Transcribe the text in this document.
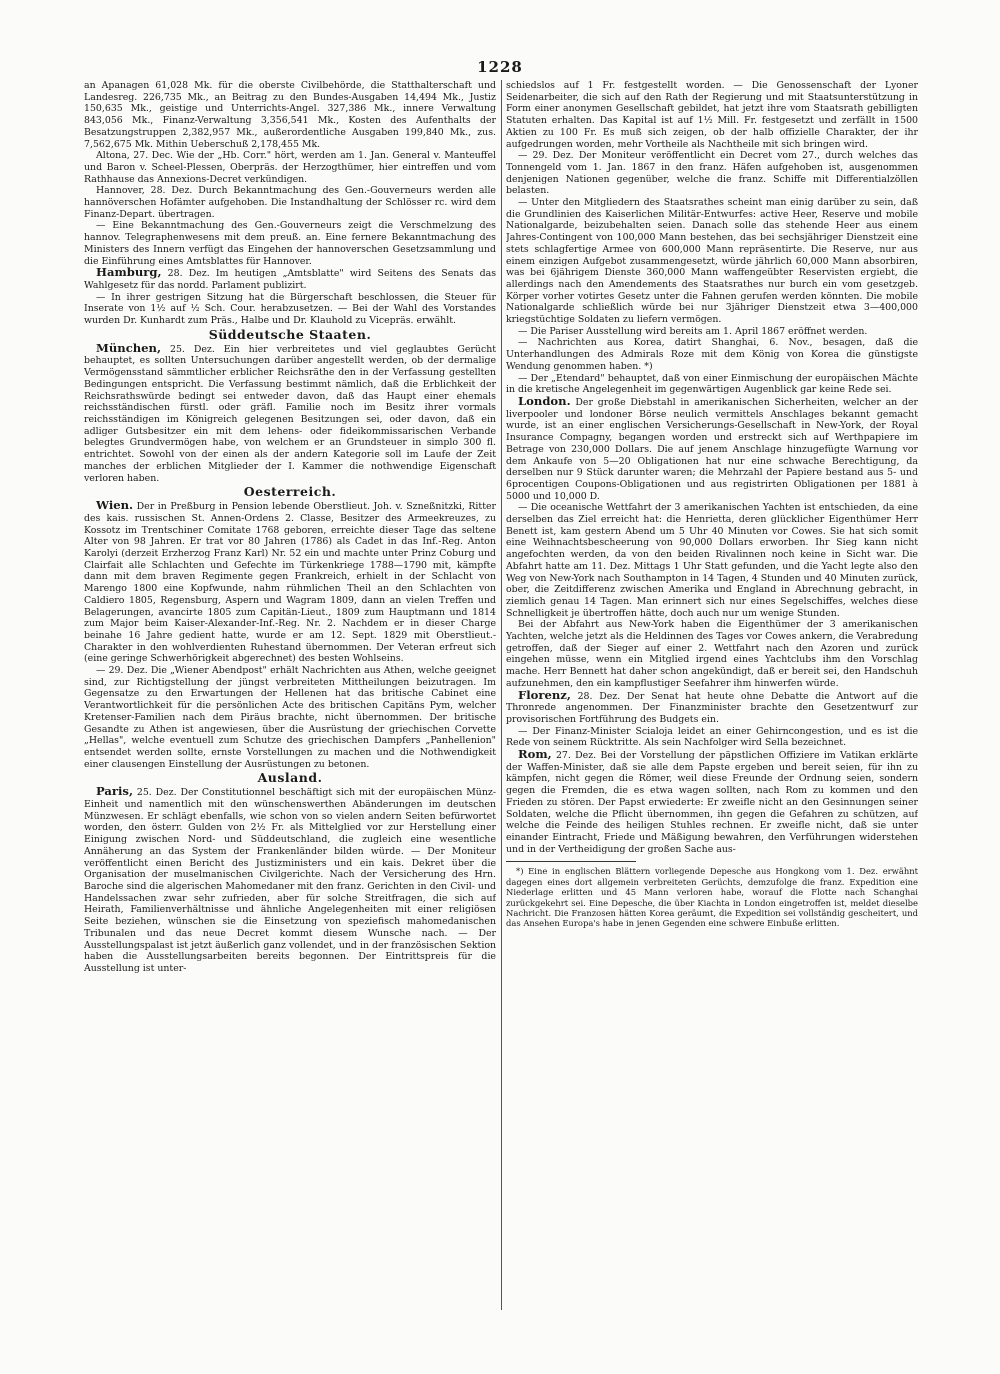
1228

an Apanagen 61,028 Mk. für die oberste Civilbehörde, die Statthalterschaft und Landesreg. 226,735 Mk., an Beitrag zu den Bundes-Ausgaben 14,494 Mk., Justiz 150,635 Mk., geistige und Unterrichts-Angel. 327,386 Mk., innere Verwaltung 843,056 Mk., Finanz-Verwaltung 3,356,541 Mk., Kosten des Aufenthalts der Besatzungstruppen 2,382,957 Mk., außerordentliche Ausgaben 199,840 Mk., zus. 7,562,675 Mk. Mithin Ueberschuß 2,178,455 Mk.

Altona, 27. Dec. Wie der „Hb. Corr." hört, werden am 1. Jan. General v. Manteuffel und Baron v. Scheel-Plessen, Oberpräs. der Herzogthümer, hier eintreffen und vom Rathhause das Annexions-Decret verkündigen.

Hannover, 28. Dez. Durch Bekanntmachung des Gen.-Gouverneurs werden alle hannöverschen Hofämter aufgehoben. Die Instandhaltung der Schlösser rc. wird dem Finanz-Depart. übertragen.

— Eine Bekanntmachung des Gen.-Gouverneurs zeigt die Verschmelzung des hannov. Telegraphenwesens mit dem preuß. an. Eine fernere Bekanntmachung des Ministers des Innern verfügt das Eingehen der hannoverschen Gesetzsammlung und die Einführung eines Amtsblattes für Hannover.

Hamburg, 28. Dez. Im heutigen „Amtsblatte" wird Seitens des Senats das Wahlgesetz für das nordd. Parlament publizirt.

— In ihrer gestrigen Sitzung hat die Bürgerschaft beschlossen, die Steuer für Inserate von 1½ auf ½ Sch. Cour. herabzusetzen. — Bei der Wahl des Vorstandes wurden Dr. Kunhardt zum Präs., Halbe und Dr. Klauhold zu Vicepräs. erwählt.

Süddeutsche Staaten.

München, 25. Dez. Ein hier verbreitetes und viel geglaubtes Gerücht behauptet, es sollten Untersuchungen darüber angestellt werden, ob der dermalige Vermögensstand sämmtlicher erblicher Reichsräthe den in der Verfassung gestellten Bedingungen entspricht. Die Verfassung bestimmt nämlich, daß die Erblichkeit der Reichsrathswürde bedingt sei entweder davon, daß das Haupt einer ehemals reichsständischen fürstl. oder gräfl. Familie noch im Besitz ihrer vormals reichsständigen im Königreich gelegenen Besitzungen sei, oder davon, daß ein adliger Gutsbesitzer ein mit dem lehens- oder fideikommissarischen Verbande belegtes Grundvermögen habe, von welchem er an Grundsteuer in simplo 300 fl. entrichtet. Sowohl von der einen als der andern Kategorie soll im Laufe der Zeit manches der erblichen Mitglieder der I. Kammer die nothwendige Eigenschaft verloren haben.

Oesterreich.

Wien. Der in Preßburg in Pension lebende Oberstlieut. Joh. v. Szneßnitzki, Ritter des kais. russischen St. Annen-Ordens 2. Classe, Besitzer des Armeekreuzes, zu Kossotz im Trentschiner Comitate 1768 geboren, erreichte dieser Tage das seltene Alter von 98 Jahren. Er trat vor 80 Jahren (1786) als Cadet in das Inf.-Reg. Anton Karolyi (derzeit Erzherzog Franz Karl) Nr. 52 ein und machte unter Prinz Coburg und Clairfait alle Schlachten und Gefechte im Türkenkriege 1788—1790 mit, kämpfte dann mit dem braven Regimente gegen Frankreich, erhielt in der Schlacht von Marengo 1800 eine Kopfwunde, nahm rühmlichen Theil an den Schlachten von Caldiero 1805, Regensburg, Aspern und Wagram 1809, dann an vielen Treffen und Belagerungen, avancirte 1805 zum Capitän-Lieut., 1809 zum Hauptmann und 1814 zum Major beim Kaiser-Alexander-Inf.-Reg. Nr. 2. Nachdem er in dieser Charge beinahe 16 Jahre gedient hatte, wurde er am 12. Sept. 1829 mit Oberstlieut.-Charakter in den wohlverdienten Ruhestand übernommen. Der Veteran erfreut sich (eine geringe Schwerhörigkeit abgerechnet) des besten Wohlseins.

— 29. Dez. Die „Wiener Abendpost" erhält Nachrichten aus Athen, welche geeignet sind, zur Richtigstellung der jüngst verbreiteten Mittheilungen beizutragen. Im Gegensatze zu den Erwartungen der Hellenen hat das britische Cabinet eine Verantwortlichkeit für die persönlichen Acte des britischen Capitäns Pym, welcher Kretenser-Familien nach dem Piräus brachte, nicht übernommen. Der britische Gesandte zu Athen ist angewiesen, über die Ausrüstung der griechischen Corvette „Hellas", welche eventuell zum Schutze des griechischen Dampfers „Panhellenion" entsendet werden sollte, ernste Vorstellungen zu machen und die Nothwendigkeit einer clausengen Einstellung der Ausrüstungen zu betonen.

Ausland.

Paris, 25. Dez. Der Constitutionnel beschäftigt sich mit der europäischen Münz-Einheit und namentlich mit den wünschenswerthen Abänderungen im deutschen Münzwesen. Er schlägt ebenfalls, wie schon von so vielen andern Seiten befürwortet worden, den österr. Gulden von 2½ Fr. als Mittelglied vor zur Herstellung einer Einigung zwischen Nord- und Süddeutschland, die zugleich eine wesentliche Annäherung an das System der Frankenländer bilden würde. — Der Moniteur veröffentlicht einen Bericht des Justizministers und ein kais. Dekret über die Organisation der muselmanischen Civilgerichte. Nach der Versicherung des Hrn. Baroche sind die algerischen Mahomedaner mit den franz. Gerichten in den Civil- und Handelssachen zwar sehr zufrieden, aber für solche Streitfragen, die sich auf Heirath, Familienverhältnisse und ähnliche Angelegenheiten mit einer religiösen Seite beziehen, wünschen sie die Einsetzung von speziefisch mahomedanischen Tribunalen und das neue Decret kommt diesem Wunsche nach. — Der Ausstellungspalast ist jetzt äußerlich ganz vollendet, und in der französischen Sektion haben die Ausstellungsarbeiten bereits begonnen. Der Eintrittspreis für die Ausstellung ist unter-

schiedslos auf 1 Fr. festgestellt worden. — Die Genossenschaft der Lyoner Seidenarbeiter, die sich auf den Rath der Regierung und mit Staatsunterstützung in Form einer anonymen Gesellschaft gebildet, hat jetzt ihre vom Staatsrath gebilligten Statuten erhalten. Das Kapital ist auf 1½ Mill. Fr. festgesetzt und zerfällt in 1500 Aktien zu 100 Fr. Es muß sich zeigen, ob der halb offizielle Charakter, der ihr aufgedrungen worden, mehr Vortheile als Nachtheile mit sich bringen wird.

— 29. Dez. Der Moniteur veröffentlicht ein Decret vom 27., durch welches das Tonnengeld vom 1. Jan. 1867 in den franz. Häfen aufgehoben ist, ausgenommen denjenigen Nationen gegenüber, welche die franz. Schiffe mit Differentialzöllen belasten.

— Unter den Mitgliedern des Staatsrathes scheint man einig darüber zu sein, daß die Grundlinien des Kaiserlichen Militär-Entwurfes: active Heer, Reserve und mobile Nationalgarde, beizubehalten seien. Danach solle das stehende Heer aus einem Jahres-Contingent von 100,000 Mann bestehen, das bei sechsjähriger Dienstzeit eine stets schlagfertige Armee von 600,000 Mann repräsentirte. Die Reserve, nur aus einem einzigen Aufgebot zusammengesetzt, würde jährlich 60,000 Mann absorbiren, was bei 6jährigem Dienste 360,000 Mann waffengeübter Reservisten ergiebt, die allerdings nach den Amendements des Staatsrathes nur burch ein vom gesetzgeb. Körper vorher votirtes Gesetz unter die Fahnen gerufen werden könnten. Die mobile Nationalgarde schließlich würde bei nur 3jähriger Dienstzeit etwa 3—400,000 kriegstüchtige Soldaten zu liefern vermögen.

— Die Pariser Ausstellung wird bereits am 1. April 1867 eröffnet werden.

— Nachrichten aus Korea, datirt Shanghai, 6. Nov., besagen, daß die Unterhandlungen des Admirals Roze mit dem König von Korea die günstigste Wendung genommen haben. *)

— Der „Etendard" behauptet, daß von einer Einmischung der europäischen Mächte in die kretische Angelegenheit im gegenwärtigen Augenblick gar keine Rede sei.

London. Der große Diebstahl in amerikanischen Sicherheiten, welcher an der liverpooler und londoner Börse neulich vermittels Anschlages bekannt gemacht wurde, ist an einer englischen Versicherungs-Gesellschaft in New-York, der Royal Insurance Compagny, begangen worden und erstreckt sich auf Werthpapiere im Betrage von 230,000 Dollars. Die auf jenem Anschlage hinzugefügte Warnung vor dem Ankaufe von 5—20 Obligationen hat nur eine schwache Berechtigung, da derselben nur 9 Stück darunter waren; die Mehrzahl der Papiere bestand aus 5- und 6procentigen Coupons-Obligationen und aus registrirten Obligationen per 1881 à 5000 und 10,000 D.

— Die oceanische Wettfahrt der 3 amerikanischen Yachten ist entschieden, da eine derselben das Ziel erreicht hat: die Henrietta, deren glücklicher Eigenthümer Herr Benett ist, kam gestern Abend um 5 Uhr 40 Minuten vor Cowes. Sie hat sich somit eine Weihnachtsbescheerung von 90,000 Dollars erworben. Ihr Sieg kann nicht angefochten werden, da von den beiden Rivalinnen noch keine in Sicht war. Die Abfahrt hatte am 11. Dez. Mittags 1 Uhr Statt gefunden, und die Yacht legte also den Weg von New-York nach Southampton in 14 Tagen, 4 Stunden und 40 Minuten zurück, ober, die Zeitdifferenz zwischen Amerika und England in Abrechnung gebracht, in ziemlich genau 14 Tagen. Man erinnert sich nur eines Segelschiffes, welches diese Schnelligkeit je übertroffen hätte, doch auch nur um wenige Stunden.

Bei der Abfahrt aus New-York haben die Eigenthümer der 3 amerikanischen Yachten, welche jetzt als die Heldinnen des Tages vor Cowes ankern, die Verabredung getroffen, daß der Sieger auf einer 2. Wettfahrt nach den Azoren und zurück eingehen müsse, wenn ein Mitglied irgend eines Yachtclubs ihm den Vorschlag mache. Herr Bennett hat daher schon angekündigt, daß er bereit sei, den Handschuh aufzunehmen, den ein kampflustiger Seefahrer ihm hinwerfen würde.

Florenz, 28. Dez. Der Senat hat heute ohne Debatte die Antwort auf die Thronrede angenommen. Der Finanzminister brachte den Gesetzentwurf zur provisorischen Fortführung des Budgets ein.

— Der Finanz-Minister Scialoja leidet an einer Gehirncongestion, und es ist die Rede von seinem Rücktritte. Als sein Nachfolger wird Sella bezeichnet.

Rom, 27. Dez. Bei der Vorstellung der päpstlichen Offiziere im Vatikan erklärte der Waffen-Minister, daß sie alle dem Papste ergeben und bereit seien, für ihn zu kämpfen, nicht gegen die Römer, weil diese Freunde der Ordnung seien, sondern gegen die Fremden, die es etwa wagen sollten, nach Rom zu kommen und den Frieden zu stören. Der Papst erwiederte: Er zweifle nicht an den Gesinnungen seiner Soldaten, welche die Pflicht übernommen, ihn gegen die Gefahren zu schützen, auf welche die Feinde des heiligen Stuhles rechnen. Er zweifle nicht, daß sie unter einander Eintracht, Friede und Mäßigung bewahren, den Verführungen widerstehen und in der Vertheidigung der großen Sache aus-

*) Eine in englischen Blättern vorliegende Depesche aus Hongkong vom 1. Dez. erwähnt dagegen eines dort allgemein verbreiteten Gerüchts, demzufolge die franz. Expedition eine Niederlage erlitten und 45 Mann verloren habe, worauf die Flotte nach Schanghai zurückgekehrt sei. Eine Depesche, die über Kiachta in London eingetroffen ist, meldet dieselbe Nachricht. Die Franzosen hätten Korea geräumt, die Expedition sei vollständig gescheitert, und das Ansehen Europa's habe in jenen Gegenden eine schwere Einbuße erlitten.
